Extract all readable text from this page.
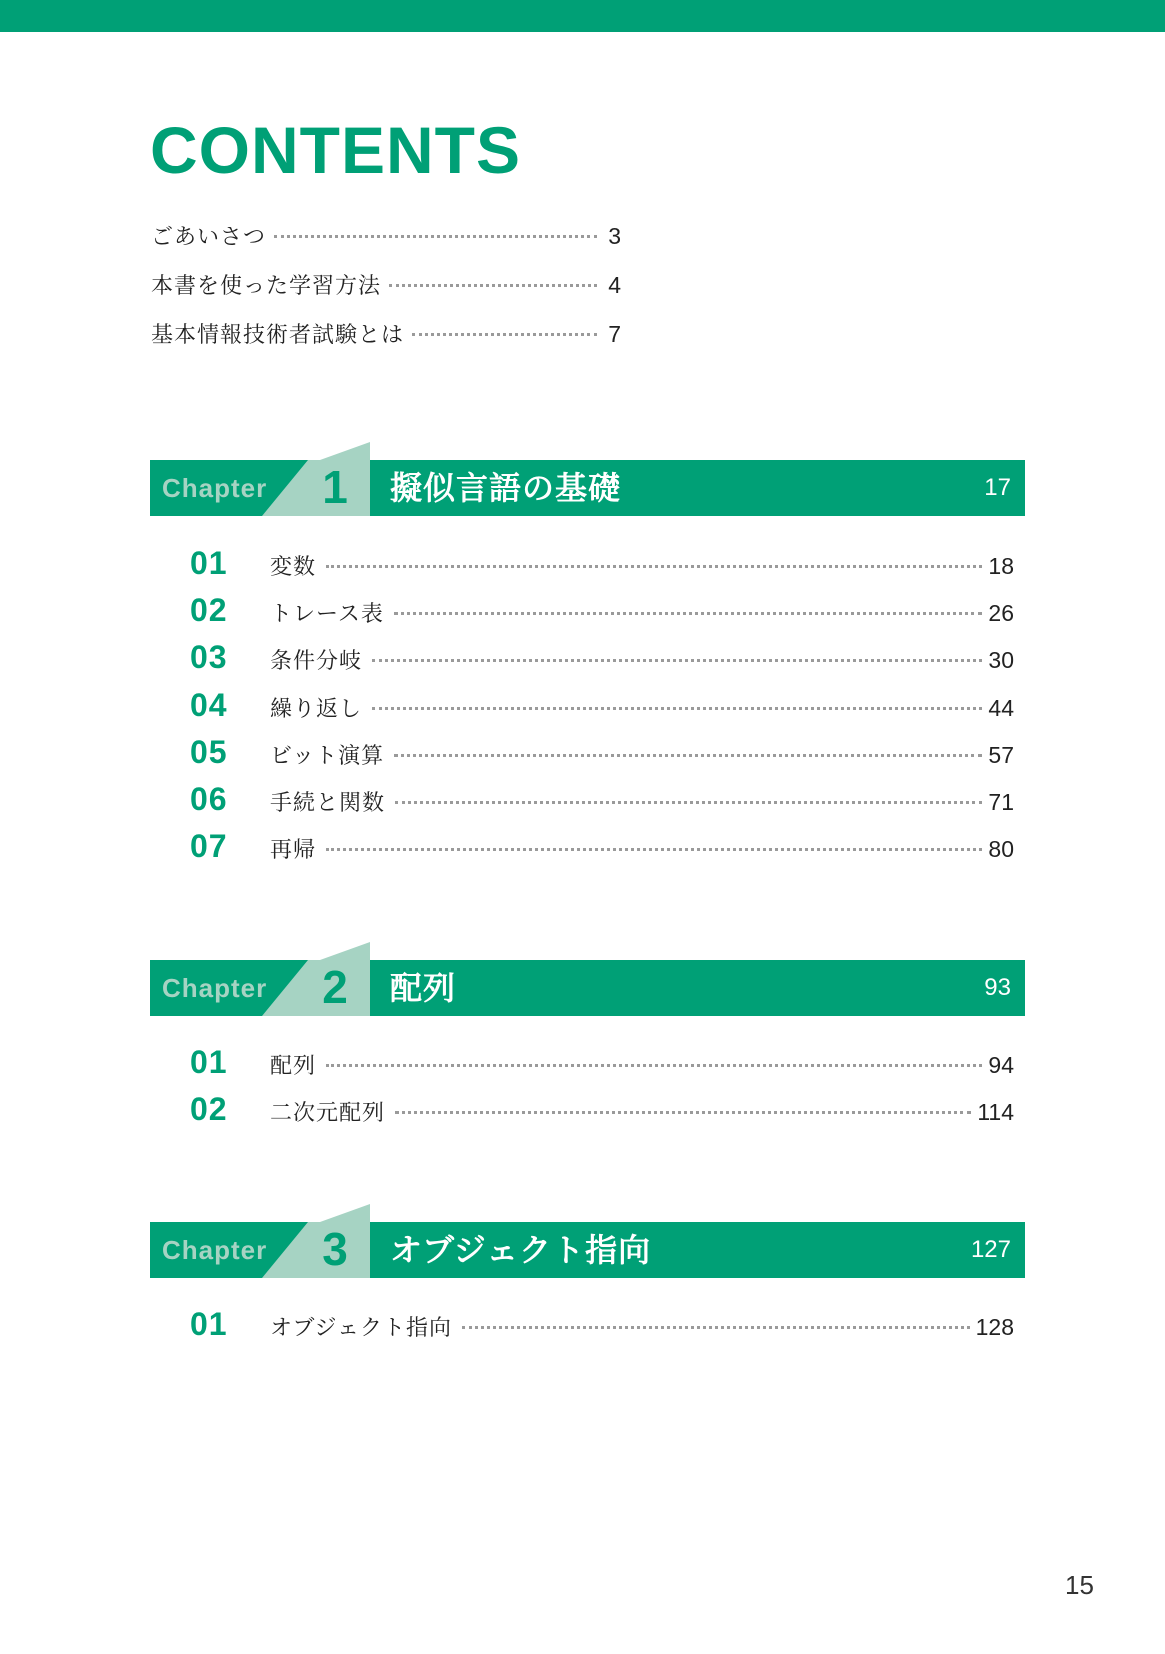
CONTENTS
ごあいさつ	3
本書を使った学習方法	4
基本情報技術者試験とは	7
Chapter 1	擬似言語の基礎	17
01	変数	18
02	トレース表	26
03	条件分岐	30
04	繰り返し	44
05	ビット演算	57
06	手続と関数	71
07	再帰	80
Chapter 2	配列	93
01	配列	94
02	二次元配列	114
Chapter 3	オブジェクト指向	127
01	オブジェクト指向	128
15
